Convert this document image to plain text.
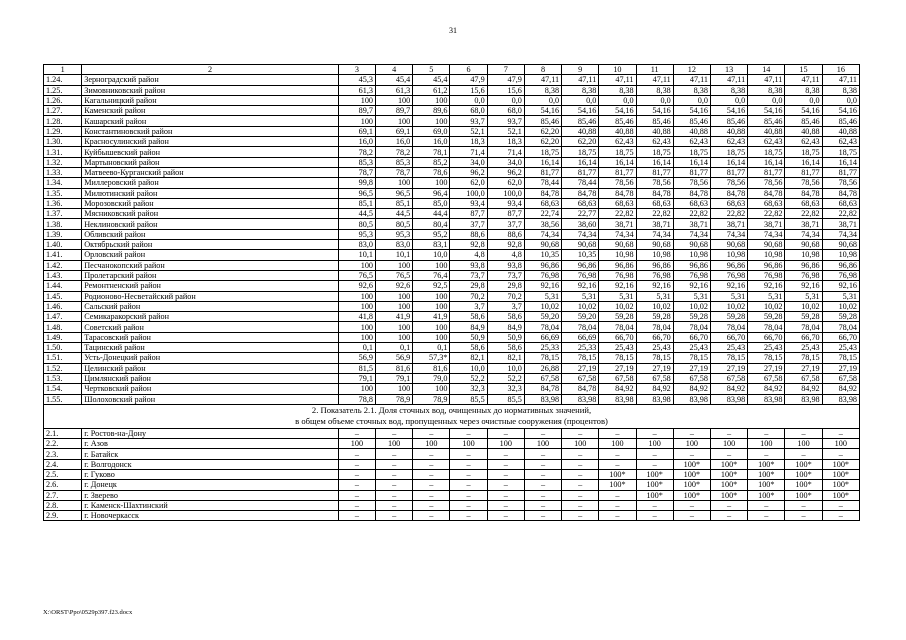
31
1	2	3	4	5	6	7	8	9	10	11	12	13	14	15	16
1.24.	Зерноградский район	45,3	45,4	45,4	47,9	47,9	47,11	47,11	47,11	47,11	47,11	47,11	47,11	47,11	47,11
1.25.	Зимовниковский район	61,3	61,3	61,2	15,6	15,6	8,38	8,38	8,38	8,38	8,38	8,38	8,38	8,38	8,38
1.26.	Кагальницкий район	100	100	100	0,0	0,0	0,0	0,0	0,0	0,0	0,0	0,0	0,0	0,0	0,0
1.27.	Каменский район	89,7	89,7	89,6	68,0	68,0	54,16	54,16	54,16	54,16	54,16	54,16	54,16	54,16	54,16
1.28.	Кашарский район	100	100	100	93,7	93,7	85,46	85,46	85,46	85,46	85,46	85,46	85,46	85,46	85,46
1.29.	Константиновский район	69,1	69,1	69,0	52,1	52,1	62,20	40,88	40,88	40,88	40,88	40,88	40,88	40,88	40,88
1.30.	Красносулинский район	16,0	16,0	16,0	18,3	18,3	62,20	62,20	62,43	62,43	62,43	62,43	62,43	62,43	62,43
1.31.	Куйбышевский район	78,2	78,2	78,1	71,4	71,4	18,75	18,75	18,75	18,75	18,75	18,75	18,75	18,75	18,75
1.32.	Мартыновский район	85,3	85,3	85,2	34,0	34,0	16,14	16,14	16,14	16,14	16,14	16,14	16,14	16,14	16,14
1.33.	Матвеево-Курганский район	78,7	78,7	78,6	96,2	96,2	81,77	81,77	81,77	81,77	81,77	81,77	81,77	81,77	81,77
1.34.	Миллеровский район	99,8	100	100	62,0	62,0	78,44	78,44	78,56	78,56	78,56	78,56	78,56	78,56	78,56
1.35.	Милютинский район	96,5	96,5	96,4	100,0	100,0	84,78	84,78	84,78	84,78	84,78	84,78	84,78	84,78	84,78
1.36.	Морозовский район	85,1	85,1	85,0	93,4	93,4	68,63	68,63	68,63	68,63	68,63	68,63	68,63	68,63	68,63
1.37.	Мясниковский район	44,5	44,5	44,4	87,7	87,7	22,74	22,77	22,82	22,82	22,82	22,82	22,82	22,82	22,82
1.38.	Неклиновский район	80,5	80,5	80,4	37,7	37,7	38,56	38,60	38,71	38,71	38,71	38,71	38,71	38,71	38,71
1.39.	Обливский район	95,3	95,3	95,2	88,6	88,6	74,34	74,34	74,34	74,34	74,34	74,34	74,34	74,34	74,34
1.40.	Октябрьский район	83,0	83,0	83,1	92,8	92,8	90,68	90,68	90,68	90,68	90,68	90,68	90,68	90,68	90,68
1.41.	Орловский район	10,1	10,1	10,0	4,8	4,8	10,35	10,35	10,98	10,98	10,98	10,98	10,98	10,98	10,98
1.42.	Песчанокопский район	100	100	100	93,8	93,8	96,86	96,86	96,86	96,86	96,86	96,86	96,86	96,86	96,86
1.43.	Пролетарский район	76,5	76,5	76,4	73,7	73,7	76,98	76,98	76,98	76,98	76,98	76,98	76,98	76,98	76,98
1.44.	Ремонтненский район	92,6	92,6	92,5	29,8	29,8	92,16	92,16	92,16	92,16	92,16	92,16	92,16	92,16	92,16
1.45.	Родионово-Несветайский район	100	100	100	70,2	70,2	5,31	5,31	5,31	5,31	5,31	5,31	5,31	5,31	5,31
1.46.	Сальский район	100	100	100	3,7	3,7	10,02	10,02	10,02	10,02	10,02	10,02	10,02	10,02	10,02
1.47.	Семикаракорский район	41,8	41,9	41,9	58,6	58,6	59,20	59,20	59,28	59,28	59,28	59,28	59,28	59,28	59,28
1.48.	Советский район	100	100	100	84,9	84,9	78,04	78,04	78,04	78,04	78,04	78,04	78,04	78,04	78,04
1.49.	Тарасовский район	100	100	100	50,9	50,9	66,69	66,69	66,70	66,70	66,70	66,70	66,70	66,70	66,70
1.50.	Тацинский район	0,1	0,1	0,1	58,6	58,6	25,33	25,33	25,43	25,43	25,43	25,43	25,43	25,43	25,43
1.51.	Усть-Донецкий район	56,9	56,9	57,3*	82,1	82,1	78,15	78,15	78,15	78,15	78,15	78,15	78,15	78,15	78,15
1.52.	Целинский район	81,5	81,6	81,6	10,0	10,0	26,88	27,19	27,19	27,19	27,19	27,19	27,19	27,19	27,19
1.53.	Цимлянский район	79,1	79,1	79,0	52,2	52,2	67,58	67,58	67,58	67,58	67,58	67,58	67,58	67,58	67,58
1.54.	Чертковский район	100	100	100	32,3	32,3	84,78	84,78	84,92	84,92	84,92	84,92	84,92	84,92	84,92
1.55.	Шолоховский район	78,8	78,9	78,9	85,5	85,5	83,98	83,98	83,98	83,98	83,98	83,98	83,98	83,98	83,98

2. Показатель 2.1. Доля сточных вод, очищенных до нормативных значений,
в общем объеме сточных вод, пропущенных через очистные сооружения (процентов)															

2.1.	г. Ростов-на-Дону	–	–	–	–	–	–	–	–	–	–	–	–	–	–
2.2.	г. Азов	100	100	100	100	100	100	100	100	100	100	100	100	100	100
2.3.	г. Батайск	–	–	–	–	–	–	–	–	–	–	–	–	–	–
2.4.	г. Волгодонск	–	–	–	–	–	–	–	–	–	100*	100*	100*	100*	100*
2.5.	г. Гуково	–	–	–	–	–	–	–	100*	100*	100*	100*	100*	100*	100*
2.6.	г. Донецк	–	–	–	–	–	–	–	100*	100*	100*	100*	100*	100*	100*
2.7.	г. Зверево	–	–	–	–	–	–	–	–	100*	100*	100*	100*	100*	100*
2.8.	г. Каменск-Шахтинский	–	–	–	–	–	–	–	–	–	–	–	–	–	–
2.9.	г. Новочеркасск	–	–	–	–	–	–	–	–	–	–	–	–	–	–
X:\ORST\Ppo\0529p397.f23.docx
